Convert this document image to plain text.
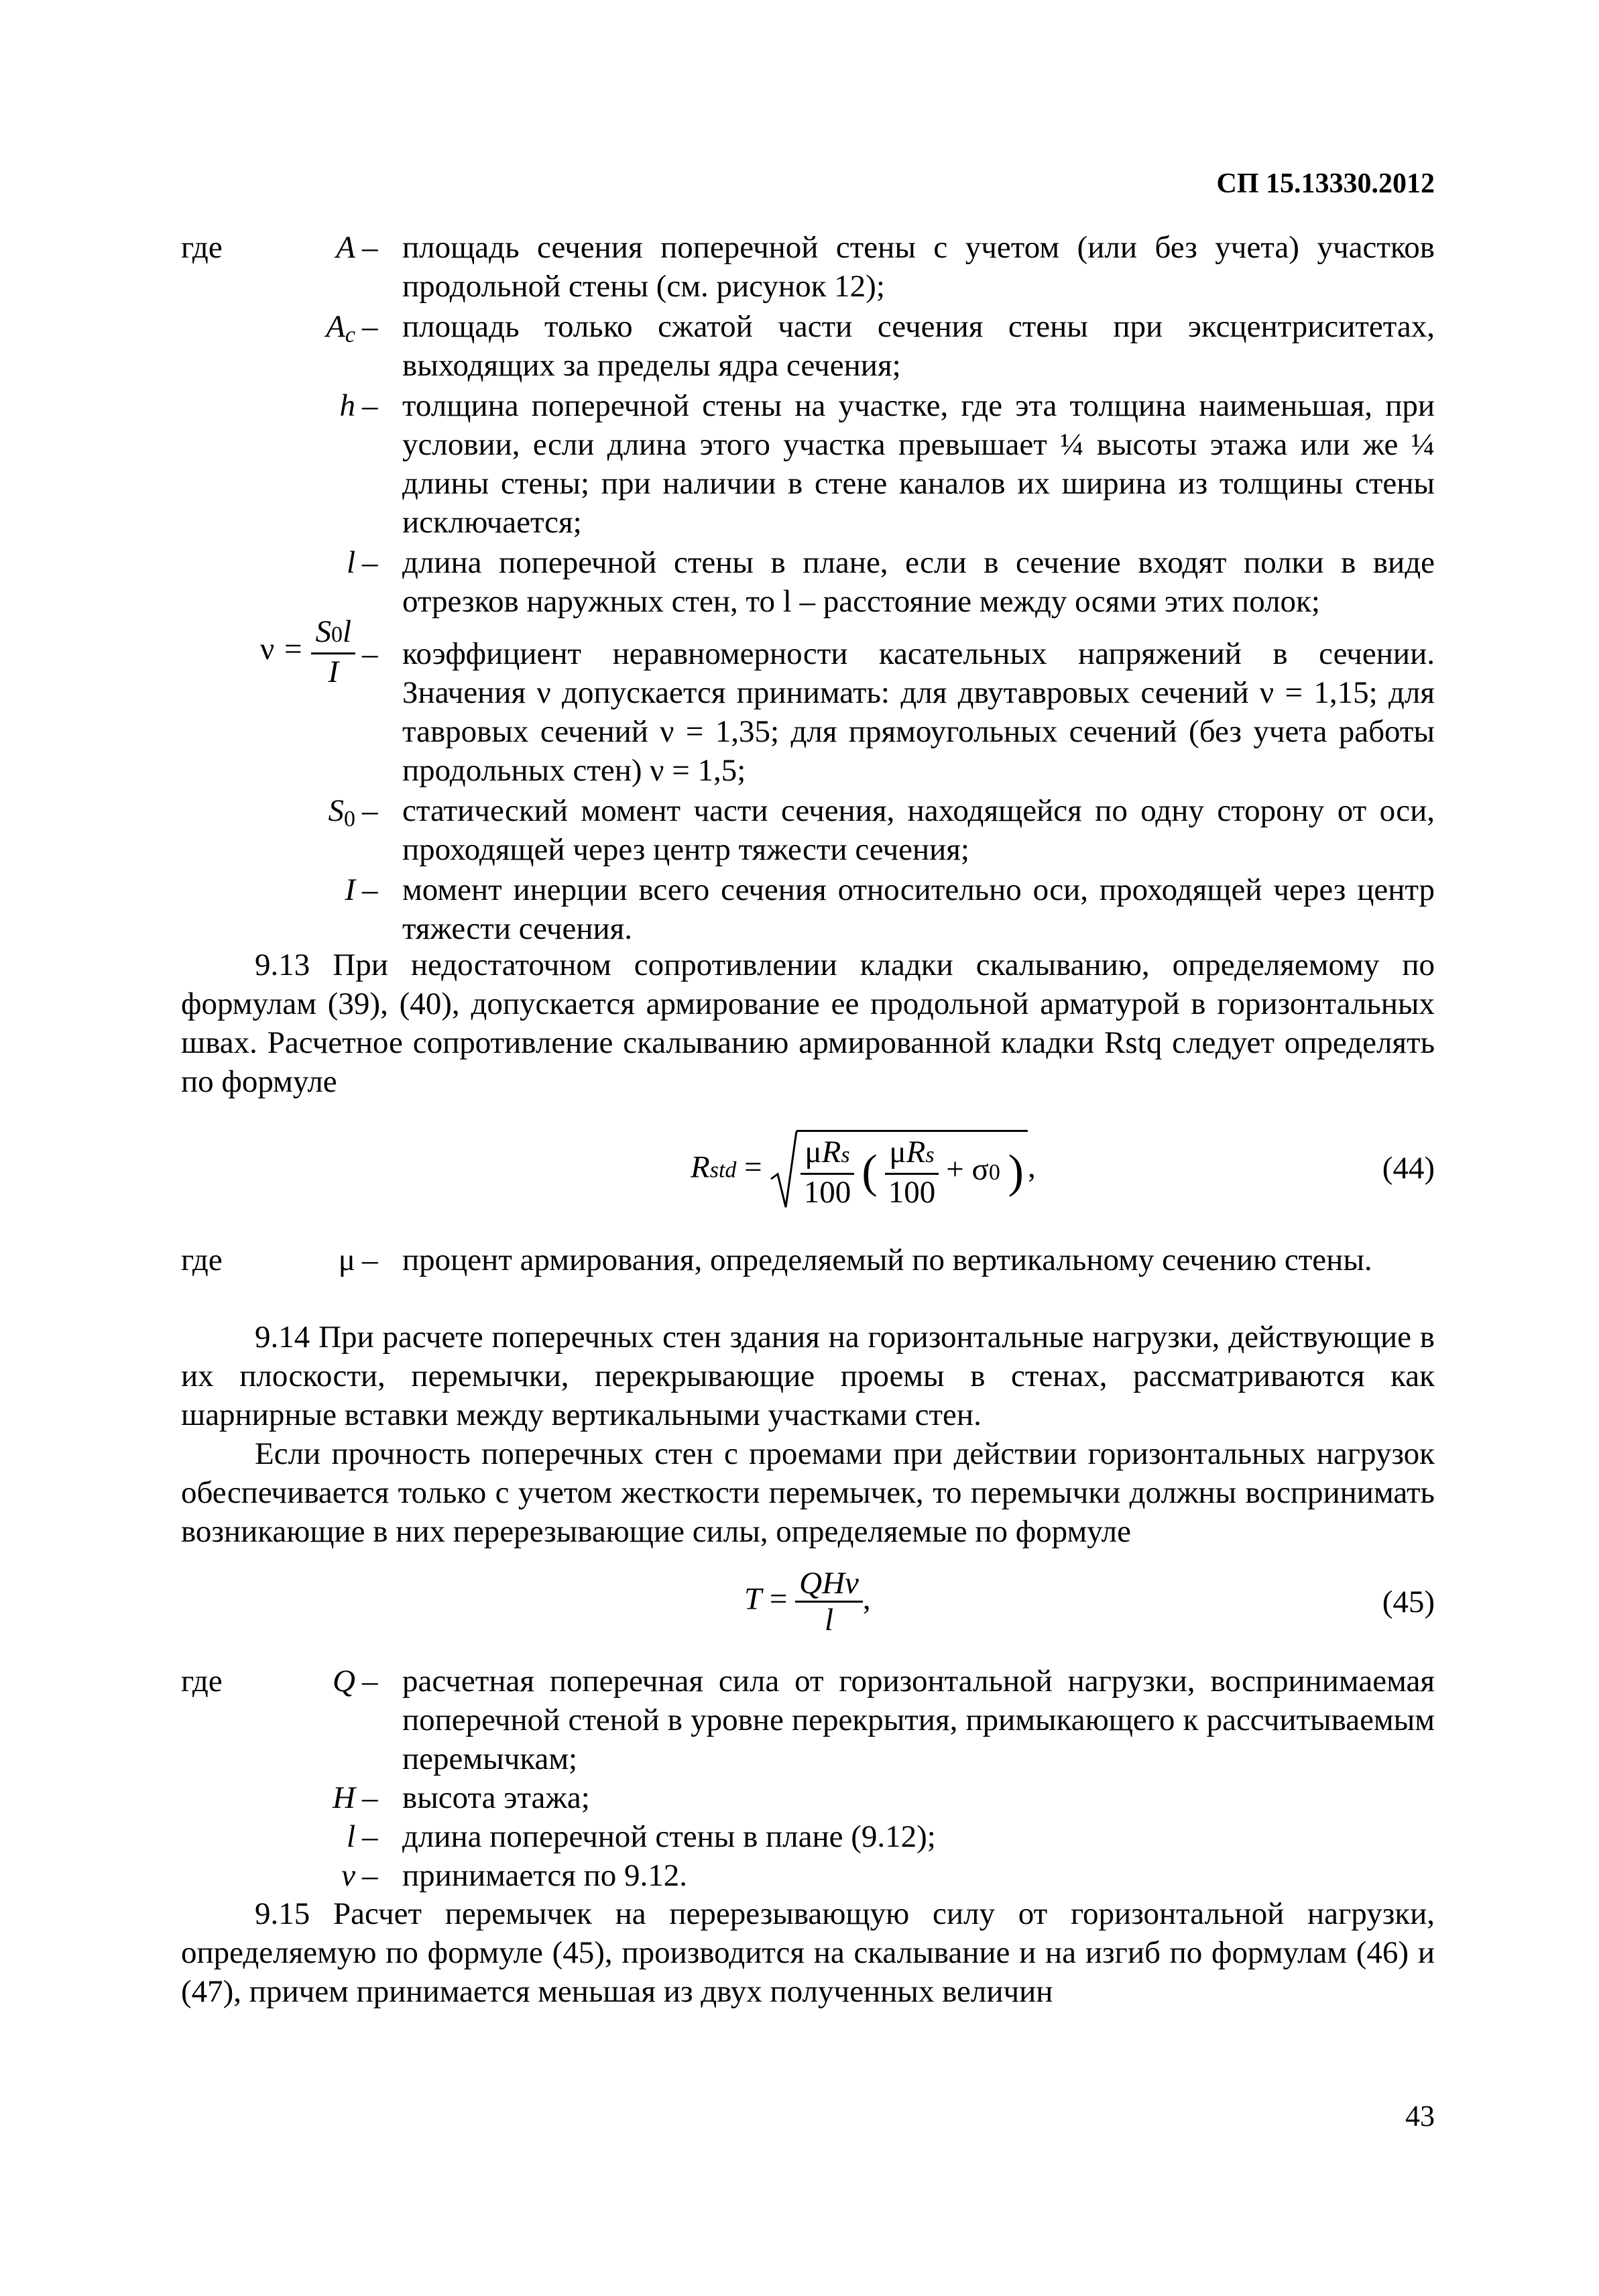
СП 15.13330.2012
где	A – площадь сечения поперечной стены с учетом (или без учета) участков продольной стены (см. рисунок 12);
Ac – площадь только сжатой части сечения стены при эксцентриситетах, выходящих за пределы ядра сечения;
h – толщина поперечной стены на участке, где эта толщина наименьшая, при условии, если длина этого участка превышает ¼ высоты этажа или же ¼ длины стены; при наличии в стене каналов их ширина из толщины стены исключается;
l – длина поперечной стены в плане, если в сечение входят полки в виде отрезков наружных стен, то l – расстояние между осями этих полок;
$\nu = \frac{S0l}{I}$ – коэффициент неравномерности касательных напряжений в сечении. Значения ν допускается принимать: для двутавровых сечений ν = 1,15; для тавровых сечений ν = 1,35; для прямоугольных сечений (без учета работы продольных стен) ν = 1,5;
$S_0$ – статический момент части сечения, находящейся по одну сторону от оси, проходящей через центр тяжести сечения;
I – момент инерции всего сечения относительно оси, проходящей через центр тяжести сечения.

9.13 При недостаточном сопротивлении кладки скалыванию, определяемому по формулам (39), (40), допускается армирование ее продольной арматурой в горизонтальных швах. Расчетное сопротивление скалыванию армированной кладки Rstq следует определять по формуле

Rstd = $\frac{\text{μRs}}{100}$ ( $\frac{\text{μRs}}{100} + \sigma 0$ ) ,	(44)
где	μ – процент армирования, определяемый по вертикальному сечению стены.

9.14 При расчете поперечных стен здания на горизонтальные нагрузки, действующие в их плоскости, перемычки, перекрывающие проемы в стенах, рассматриваются как шарнирные вставки между вертикальными участками стен.

Если прочность поперечных стен с проемами при действии горизонтальных нагрузок обеспечивается только с учетом жесткости перемычек, то перемычки должны воспринимать возникающие в них перерезывающие силы, определяемые по формуле

$T = \frac{\text{QHν}}{l}$ ,	(45)
где	Q – расчетная поперечная сила от горизонтальной нагрузки, воспринимаемая поперечной стеной в уровне перекрытия, примыкающего к рассчитываемым перемычкам;
H – высота этажа;
l – длина поперечной стены в плане (9.12);
ν – принимается по 9.12.

9.15 Расчет перемычек на перерезывающую силу от горизонтальной нагрузки, определяемую по формуле (45), производится на скалывание и на изгиб по формулам (46) и (47), причем принимается меньшая из двух полученных величин

43
